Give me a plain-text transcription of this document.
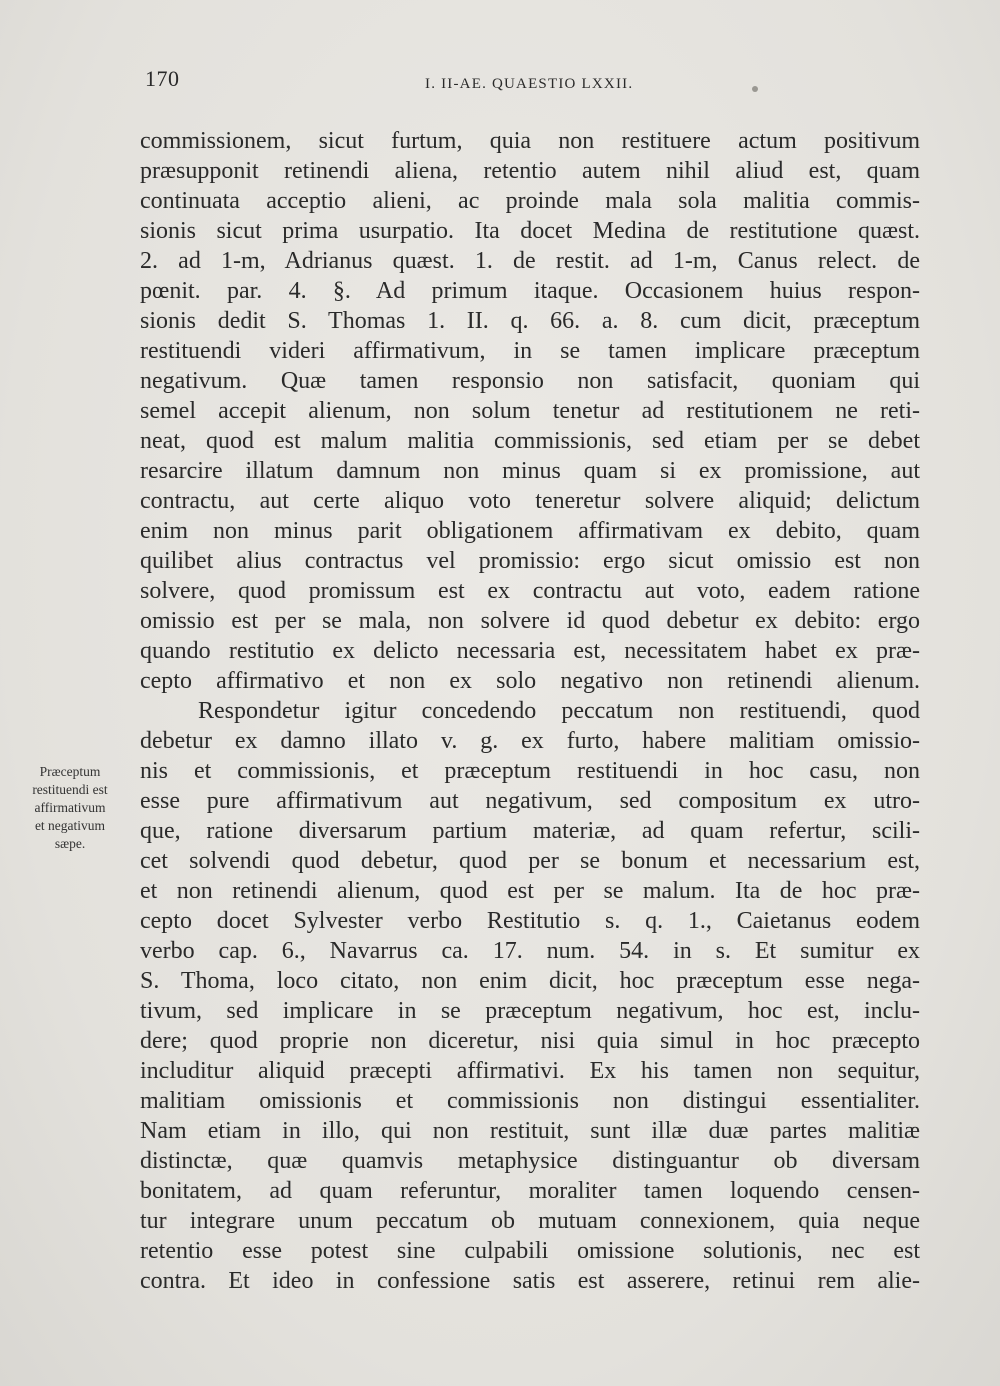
170	I. II-AE. QUAESTIO LXXII.
Præceptum
restituendi est
affirmativum
et negativum
sæpe.
commissionem, sicut furtum, quia non restituere actum positivum
præsupponit retinendi aliena, retentio autem nihil aliud est, quam
continuata acceptio alieni, ac proinde mala sola malitia commis-
sionis sicut prima usurpatio. Ita docet Medina de restitutione quæst.
2. ad 1-m, Adrianus quæst. 1. de restit. ad 1-m, Canus relect. de
pœnit. par. 4. §. Ad primum itaque. Occasionem huius respon-
sionis dedit S. Thomas 1. II. q. 66. a. 8. cum dicit, præceptum
restituendi videri affirmativum, in se tamen implicare præceptum
negativum. Quæ tamen responsio non satisfacit, quoniam qui
semel accepit alienum, non solum tenetur ad restitutionem ne reti-
neat, quod est malum malitia commissionis, sed etiam per se debet
resarcire illatum damnum non minus quam si ex promissione, aut
contractu, aut certe aliquo voto teneretur solvere aliquid; delictum
enim non minus parit obligationem affirmativam ex debito, quam
quilibet alius contractus vel promissio: ergo sicut omissio est non
solvere, quod promissum est ex contractu aut voto, eadem ratione
omissio est per se mala, non solvere id quod debetur ex debito: ergo
quando restitutio ex delicto necessaria est, necessitatem habet ex præ-
cepto affirmativo et non ex solo negativo non retinendi alienum.
Respondetur igitur concedendo peccatum non restituendi, quod
debetur ex damno illato v. g. ex furto, habere malitiam omissio-
nis et commissionis, et præceptum restituendi in hoc casu, non
esse pure affirmativum aut negativum, sed compositum ex utro-
que, ratione diversarum partium materiæ, ad quam refertur, scili-
cet solvendi quod debetur, quod per se bonum et necessarium est,
et non retinendi alienum, quod est per se malum. Ita de hoc præ-
cepto docet Sylvester verbo Restitutio s. q. 1., Caietanus eodem
verbo cap. 6., Navarrus ca. 17. num. 54. in s. Et sumitur ex
S. Thoma, loco citato, non enim dicit, hoc præceptum esse nega-
tivum, sed implicare in se præceptum negativum, hoc est, inclu-
dere; quod proprie non diceretur, nisi quia simul in hoc præcepto
includitur aliquid præcepti affirmativi. Ex his tamen non sequitur,
malitiam omissionis et commissionis non distingui essentialiter.
Nam etiam in illo, qui non restituit, sunt illæ duæ partes malitiæ
distinctæ, quæ quamvis metaphysice distinguantur ob diversam
bonitatem, ad quam referuntur, moraliter tamen loquendo censen-
tur integrare unum peccatum ob mutuam connexionem, quia neque
retentio esse potest sine culpabili omissione solutionis, nec est
contra. Et ideo in confessione satis est asserere, retinui rem alie-
